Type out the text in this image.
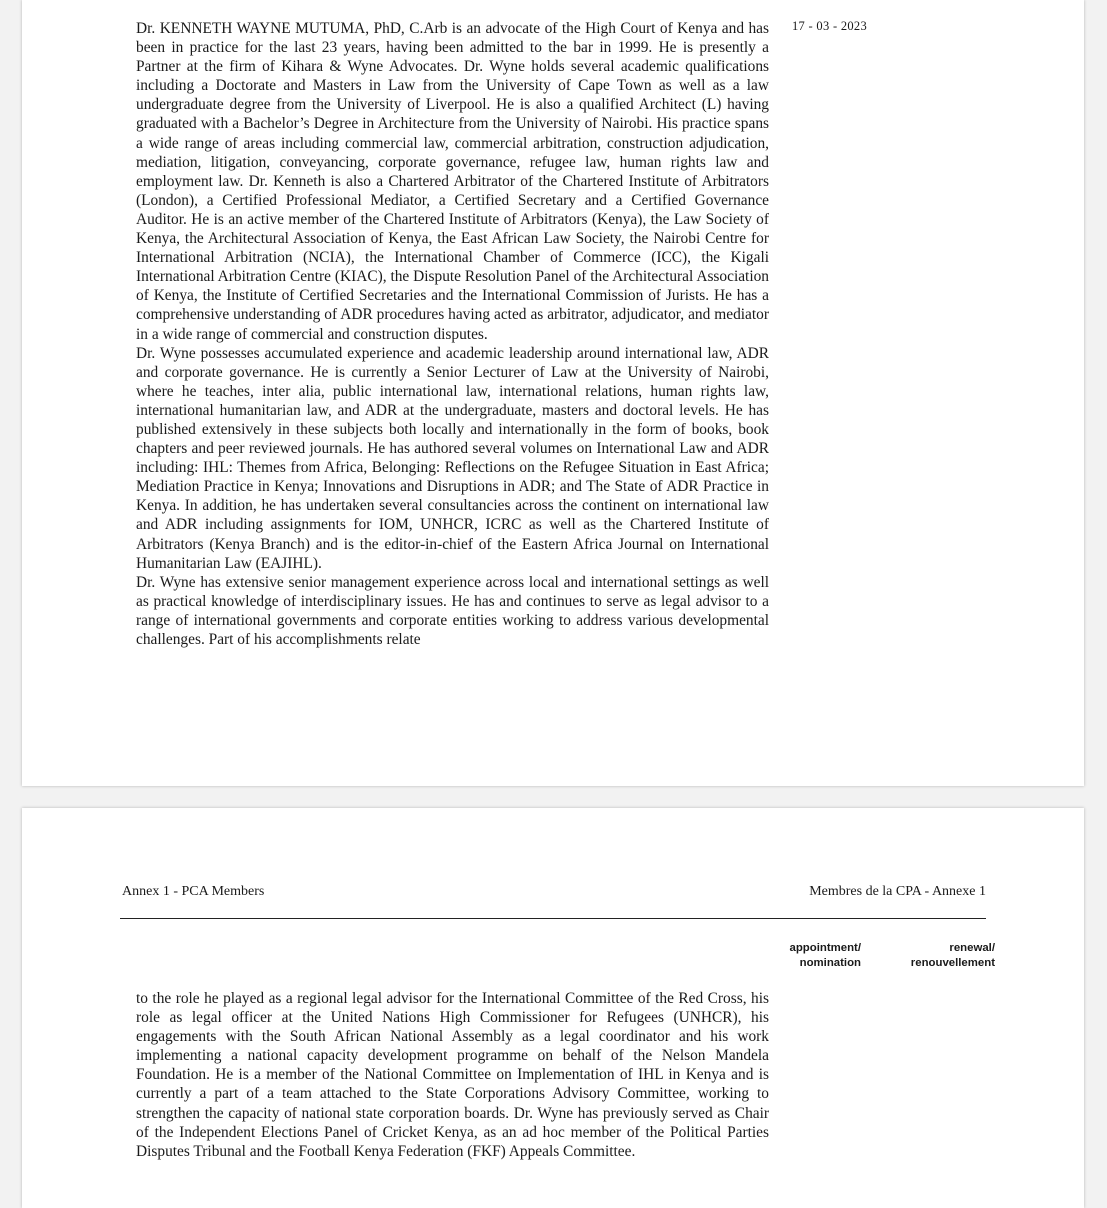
17 - 03 - 2023

Dr. KENNETH WAYNE MUTUMA, PhD, C.Arb is an advocate of the High Court of Kenya and has been in practice for the last 23 years, having been admitted to the bar in 1999. He is presently a Partner at the firm of Kihara & Wyne Advocates. Dr. Wyne holds several academic qualifications including a Doctorate and Masters in Law from the University of Cape Town as well as a law undergraduate degree from the University of Liverpool. He is also a qualified Architect (L) having graduated with a Bachelor’s Degree in Architecture from the University of Nairobi. His practice spans a wide range of areas including commercial law, commercial arbitration, construction adjudication, mediation, litigation, conveyancing, corporate governance, refugee law, human rights law and employment law. Dr. Kenneth is also a Chartered Arbitrator of the Chartered Institute of Arbitrators (London), a Certified Professional Mediator, a Certified Secretary and a Certified Governance Auditor. He is an active member of the Chartered Institute of Arbitrators (Kenya), the Law Society of Kenya, the Architectural Association of Kenya, the East African Law Society, the Nairobi Centre for International Arbitration (NCIA), the International Chamber of Commerce (ICC), the Kigali International Arbitration Centre (KIAC), the Dispute Resolution Panel of the Architectural Association of Kenya, the Institute of Certified Secretaries and the International Commission of Jurists. He has a comprehensive understanding of ADR procedures having acted as arbitrator, adjudicator, and mediator in a wide range of commercial and construction disputes.

Dr. Wyne possesses accumulated experience and academic leadership around international law, ADR and corporate governance. He is currently a Senior Lecturer of Law at the University of Nairobi, where he teaches, inter alia, public international law, international relations, human rights law, international humanitarian law, and ADR at the undergraduate, masters and doctoral levels. He has published extensively in these subjects both locally and internationally in the form of books, book chapters and peer reviewed journals. He has authored several volumes on International Law and ADR including: IHL: Themes from Africa, Belonging: Reflections on the Refugee Situation in East Africa; Mediation Practice in Kenya; Innovations and Disruptions in ADR; and The State of ADR Practice in Kenya. In addition, he has undertaken several consultancies across the continent on international law and ADR including assignments for IOM, UNHCR, ICRC as well as the Chartered Institute of Arbitrators (Kenya Branch) and is the editor-in-chief of the Eastern Africa Journal on International Humanitarian Law (EAJIHL).

Dr. Wyne has extensive senior management experience across local and international settings as well as practical knowledge of interdisciplinary issues. He has and continues to serve as legal advisor to a range of international governments and corporate entities working to address various developmental challenges. Part of his accomplishments relate

Annex 1 - PCA Members	Membres de la CPA - Annexe 1
appointment/
nomination
renewal/
renouvellement

to the role he played as a regional legal advisor for the International Committee of the Red Cross, his role as legal officer at the United Nations High Commissioner for Refugees (UNHCR), his engagements with the South African National Assembly as a legal coordinator and his work implementing a national capacity development programme on behalf of the Nelson Mandela Foundation. He is a member of the National Committee on Implementation of IHL in Kenya and is currently a part of a team attached to the State Corporations Advisory Committee, working to strengthen the capacity of national state corporation boards. Dr. Wyne has previously served as Chair of the Independent Elections Panel of Cricket Kenya, as an ad hoc member of the Political Parties Disputes Tribunal and the Football Kenya Federation (FKF) Appeals Committee.
